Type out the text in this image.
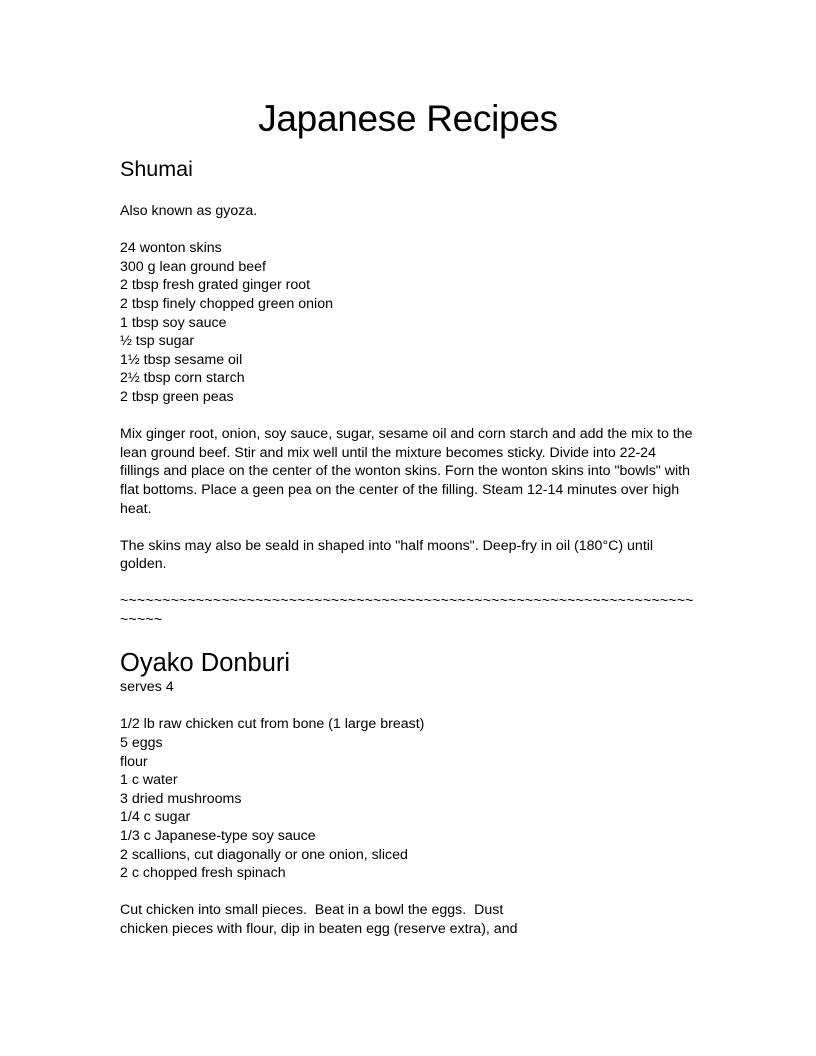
Japanese Recipes
Shumai

Also known as gyoza.

24 wonton skins
300 g lean ground beef
2 tbsp fresh grated ginger root
2 tbsp finely chopped green onion
1 tbsp soy sauce
½ tsp sugar
1½ tbsp sesame oil
2½ tbsp corn starch
2 tbsp green peas

Mix ginger root, onion, soy sauce, sugar, sesame oil and corn starch and add the mix to the lean ground beef. Stir and mix well until the mixture becomes sticky. Divide into 22-24 fillings and place on the center of the wonton skins. Forn the wonton skins into "bowls" with flat bottoms. Place a geen pea on the center of the filling. Steam 12-14 minutes over high heat.

The skins may also be seald in shaped into "half moons". Deep-fry in oil (180°C) until golden.

~~~~~~~~~~~~~~~~~~~~~~~~~~~~~~~~~~~~~~~~~~~~~~~~~~~~~~~~~~~~~~~~~~~~~~~~~

Oyako Donburi

serves 4

1/2 lb raw chicken cut from bone (1 large breast)
5 eggs
flour
1 c water
3 dried mushrooms
1/4 c sugar
1/3 c Japanese-type soy sauce
2 scallions, cut diagonally or one onion, sliced
2 c chopped fresh spinach
Cut chicken into small pieces.  Beat in a bowl the eggs.  Dust
chicken pieces with flour, dip in beaten egg (reserve extra), and
